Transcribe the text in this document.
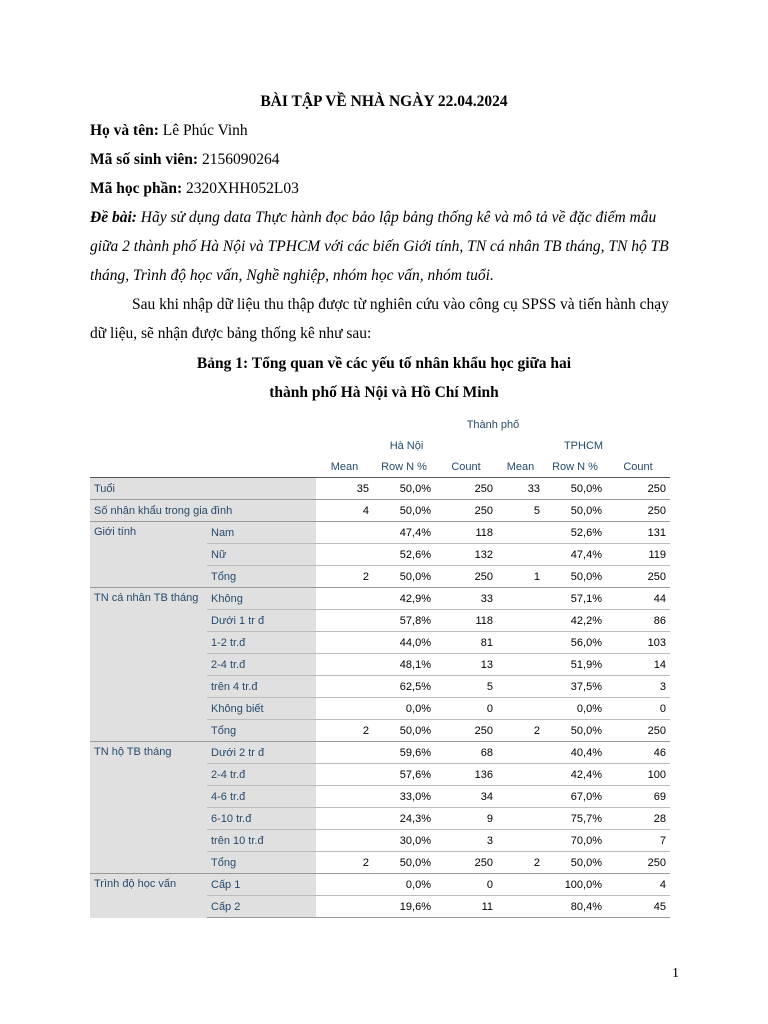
BÀI TẬP VỀ NHÀ NGÀY 22.04.2024
Họ và tên: Lê Phúc Vinh
Mã số sinh viên: 2156090264
Mã học phần: 2320XHH052L03
Đề bài: Hãy sử dụng data Thực hành đọc bảo lập bảng thống kê và mô tả về đặc điểm mẫu giữa 2 thành phố Hà Nội và TPHCM với các biến Giới tính, TN cá nhân TB tháng, TN hộ TB tháng, Trình độ học vấn, Nghề nghiệp, nhóm học vấn, nhóm tuổi.
Sau khi nhập dữ liệu thu thập được từ nghiên cứu vào công cụ SPSS và tiến hành chạy dữ liệu, sẽ nhận được bảng thống kê như sau:
Bảng 1: Tổng quan về các yếu tố nhân khẩu học giữa hai
thành phố Hà Nội và Hồ Chí Minh
		Thành phố					
		Hà Nội			TPHCM		
		Mean	Row N %	Count	Mean	Row N %	Count
Tuổi		35	50,0%	250	33	50,0%	250
Số nhân khẩu trong gia đình		4	50,0%	250	5	50,0%	250
Giới tính	Nam		47,4%	118		52,6%	131
	Nữ		52,6%	132		47,4%	119
	Tổng	2	50,0%	250	1	50,0%	250
TN cá nhân TB tháng	Không		42,9%	33		57,1%	44
	Dưới 1 tr đ		57,8%	118		42,2%	86
	1-2 tr.đ		44,0%	81		56,0%	103
	2-4 tr.đ		48,1%	13		51,9%	14
	trên 4 tr.đ		62,5%	5		37,5%	3
	Không biết		0,0%	0		0,0%	0
	Tổng	2	50,0%	250	2	50,0%	250
TN hộ TB tháng	Dưới 2 tr đ		59,6%	68		40,4%	46
	2-4 tr.đ		57,6%	136		42,4%	100
	4-6 tr.đ		33,0%	34		67,0%	69
	6-10 tr.đ		24,3%	9		75,7%	28
	trên 10 tr.đ		30,0%	3		70,0%	7
	Tổng	2	50,0%	250	2	50,0%	250
Trình độ học vấn	Cấp 1		0,0%	0		100,0%	4
	Cấp 2		19,6%	11		80,4%	45
1
